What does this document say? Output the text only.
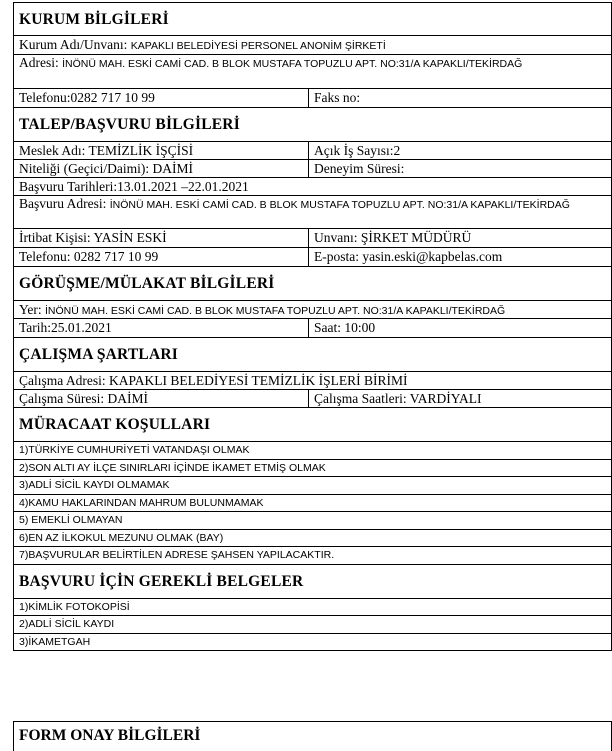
KURUM BİLGİLERİ
Kurum Adı/Unvanı: KAPAKLI BELEDİYESİ PERSONEL ANONİM ŞİRKETİ
Adresi: İNÖNÜ MAH. ESKİ CAMİ CAD. B BLOK MUSTAFA TOPUZLU APT. NO:31/A KAPAKLI/TEKİRDAĞ
Telefonu:0282 717 10 99	Faks no:
TALEP/BAŞVURU BİLGİLERİ
Meslek Adı: TEMİZLİK İŞÇİSİ	Açık İş Sayısı:2
Niteliği (Geçici/Daimi): DAİMİ	Deneyim Süresi:
Başvuru Tarihleri:13.01.2021 –22.01.2021
Başvuru Adresi: İNÖNÜ MAH. ESKİ CAMİ CAD. B BLOK MUSTAFA TOPUZLU APT. NO:31/A KAPAKLI/TEKİRDAĞ
İrtibat Kişisi: YASİN ESKİ	Unvanı: ŞİRKET MÜDÜRÜ
Telefonu: 0282 717 10 99	E-posta: yasin.eski@kapbelas.com
GÖRÜŞME/MÜLAKAT BİLGİLERİ
Yer: İNÖNÜ MAH. ESKİ CAMİ CAD. B BLOK MUSTAFA TOPUZLU APT. NO:31/A KAPAKLI/TEKİRDAĞ
Tarih:25.01.2021	Saat: 10:00
ÇALIŞMA ŞARTLARI
Çalışma Adresi: KAPAKLI BELEDİYESİ TEMİZLİK İŞLERİ BİRİMİ
Çalışma Süresi: DAİMİ	Çalışma Saatleri: VARDİYALI
MÜRACAAT KOŞULLARI
1)TÜRKİYE CUMHURİYETİ VATANDAŞI OLMAK
2)SON ALTI AY İLÇE SINIRLARI İÇİNDE İKAMET ETMİŞ OLMAK
3)ADLİ SİCİL KAYDI OLMAMAK
4)KAMU HAKLARINDAN MAHRUM BULUNMAMAK
5) EMEKLİ OLMAYAN
6)EN AZ İLKOKUL MEZUNU OLMAK (BAY)
7)BAŞVURULAR BELİRTİLEN ADRESE ŞAHSEN YAPILACAKTIR.
BAŞVURU İÇİN GEREKLİ BELGELER
1)KİMLİK FOTOKOPİSİ
2)ADLİ SİCİL KAYDI
3)İKAMETGAH
FORM ONAY BİLGİLERİ
